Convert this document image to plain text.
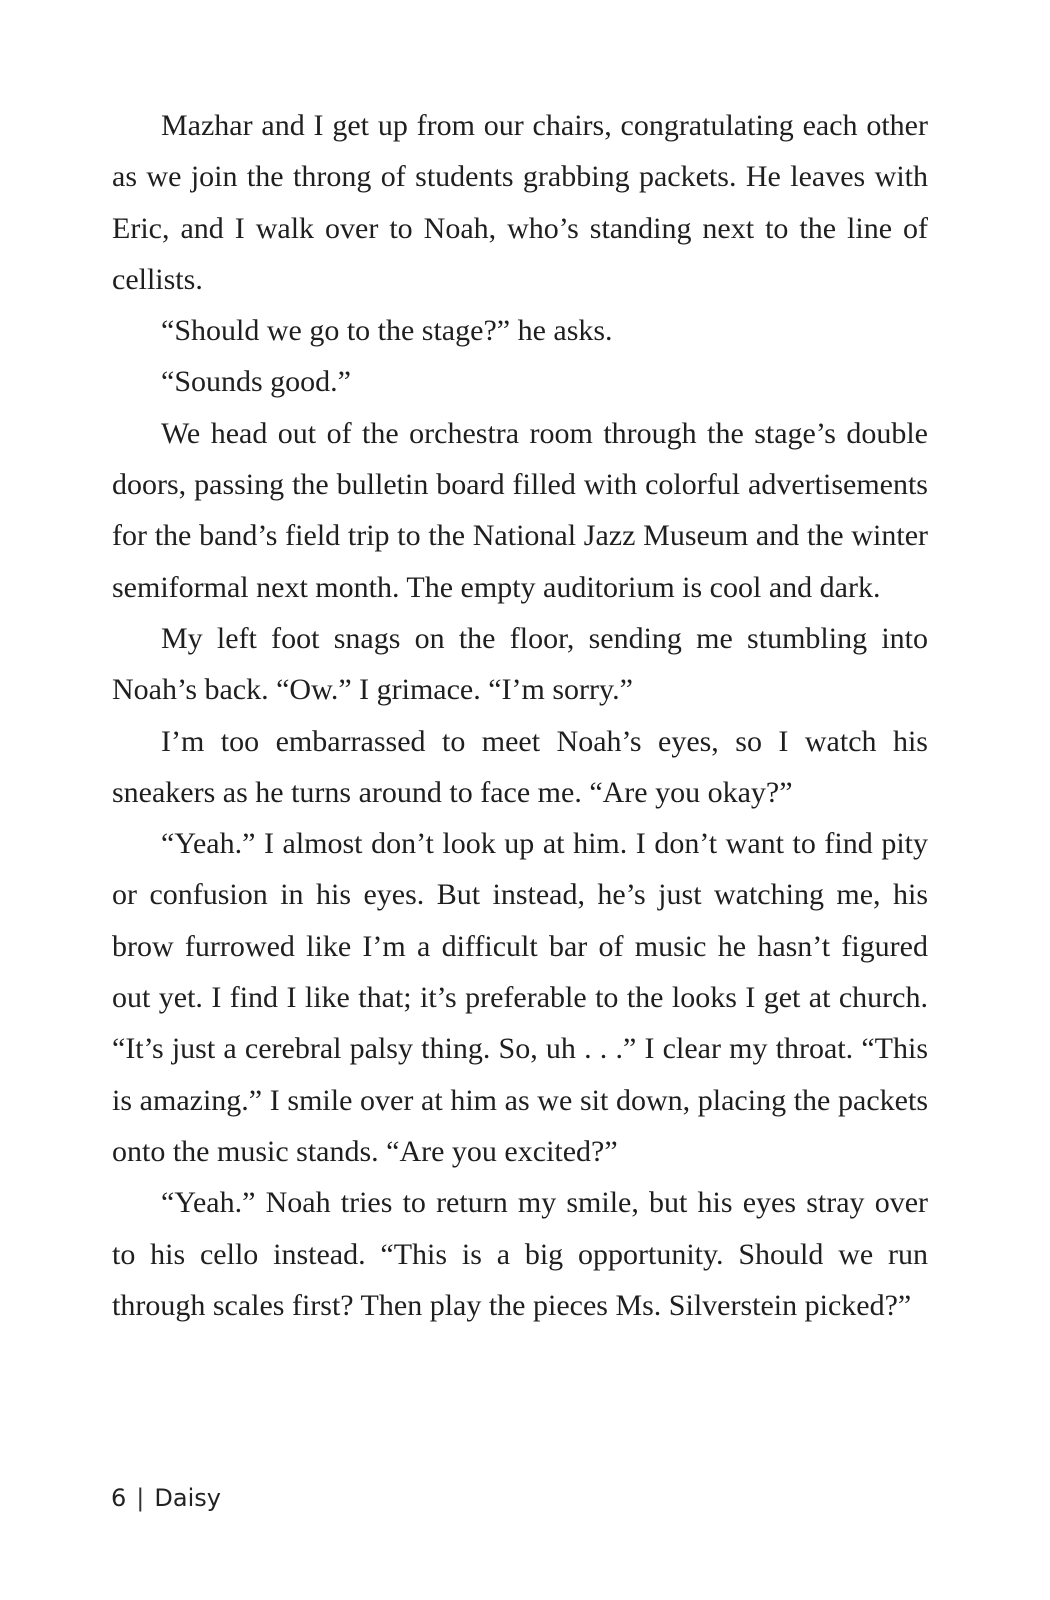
Mazhar and I get up from our chairs, congratulating each other as we join the throng of students grabbing packets. He leaves with Eric, and I walk over to Noah, who’s standing next to the line of cellists.

“Should we go to the stage?” he asks.

“Sounds good.”

We head out of the orchestra room through the stage’s double doors, passing the bulletin board filled with colorful advertisements for the band’s field trip to the National Jazz Museum and the winter semiformal next month. The empty auditorium is cool and dark.

My left foot snags on the floor, sending me stumbling into Noah’s back. “Ow.” I grimace. “I’m sorry.”

I’m too embarrassed to meet Noah’s eyes, so I watch his sneakers as he turns around to face me. “Are you okay?”

“Yeah.” I almost don’t look up at him. I don’t want to find pity or confusion in his eyes. But instead, he’s just watching me, his brow furrowed like I’m a difficult bar of music he hasn’t figured out yet. I find I like that; it’s preferable to the looks I get at church. “It’s just a cerebral palsy thing. So, uh . . .” I clear my throat. “This is amazing.” I smile over at him as we sit down, placing the packets onto the music stands. “Are you excited?”

“Yeah.” Noah tries to return my smile, but his eyes stray over to his cello instead. “This is a big opportunity. Should we run through scales first? Then play the pieces Ms. Silverstein picked?”

6 | Daisy
